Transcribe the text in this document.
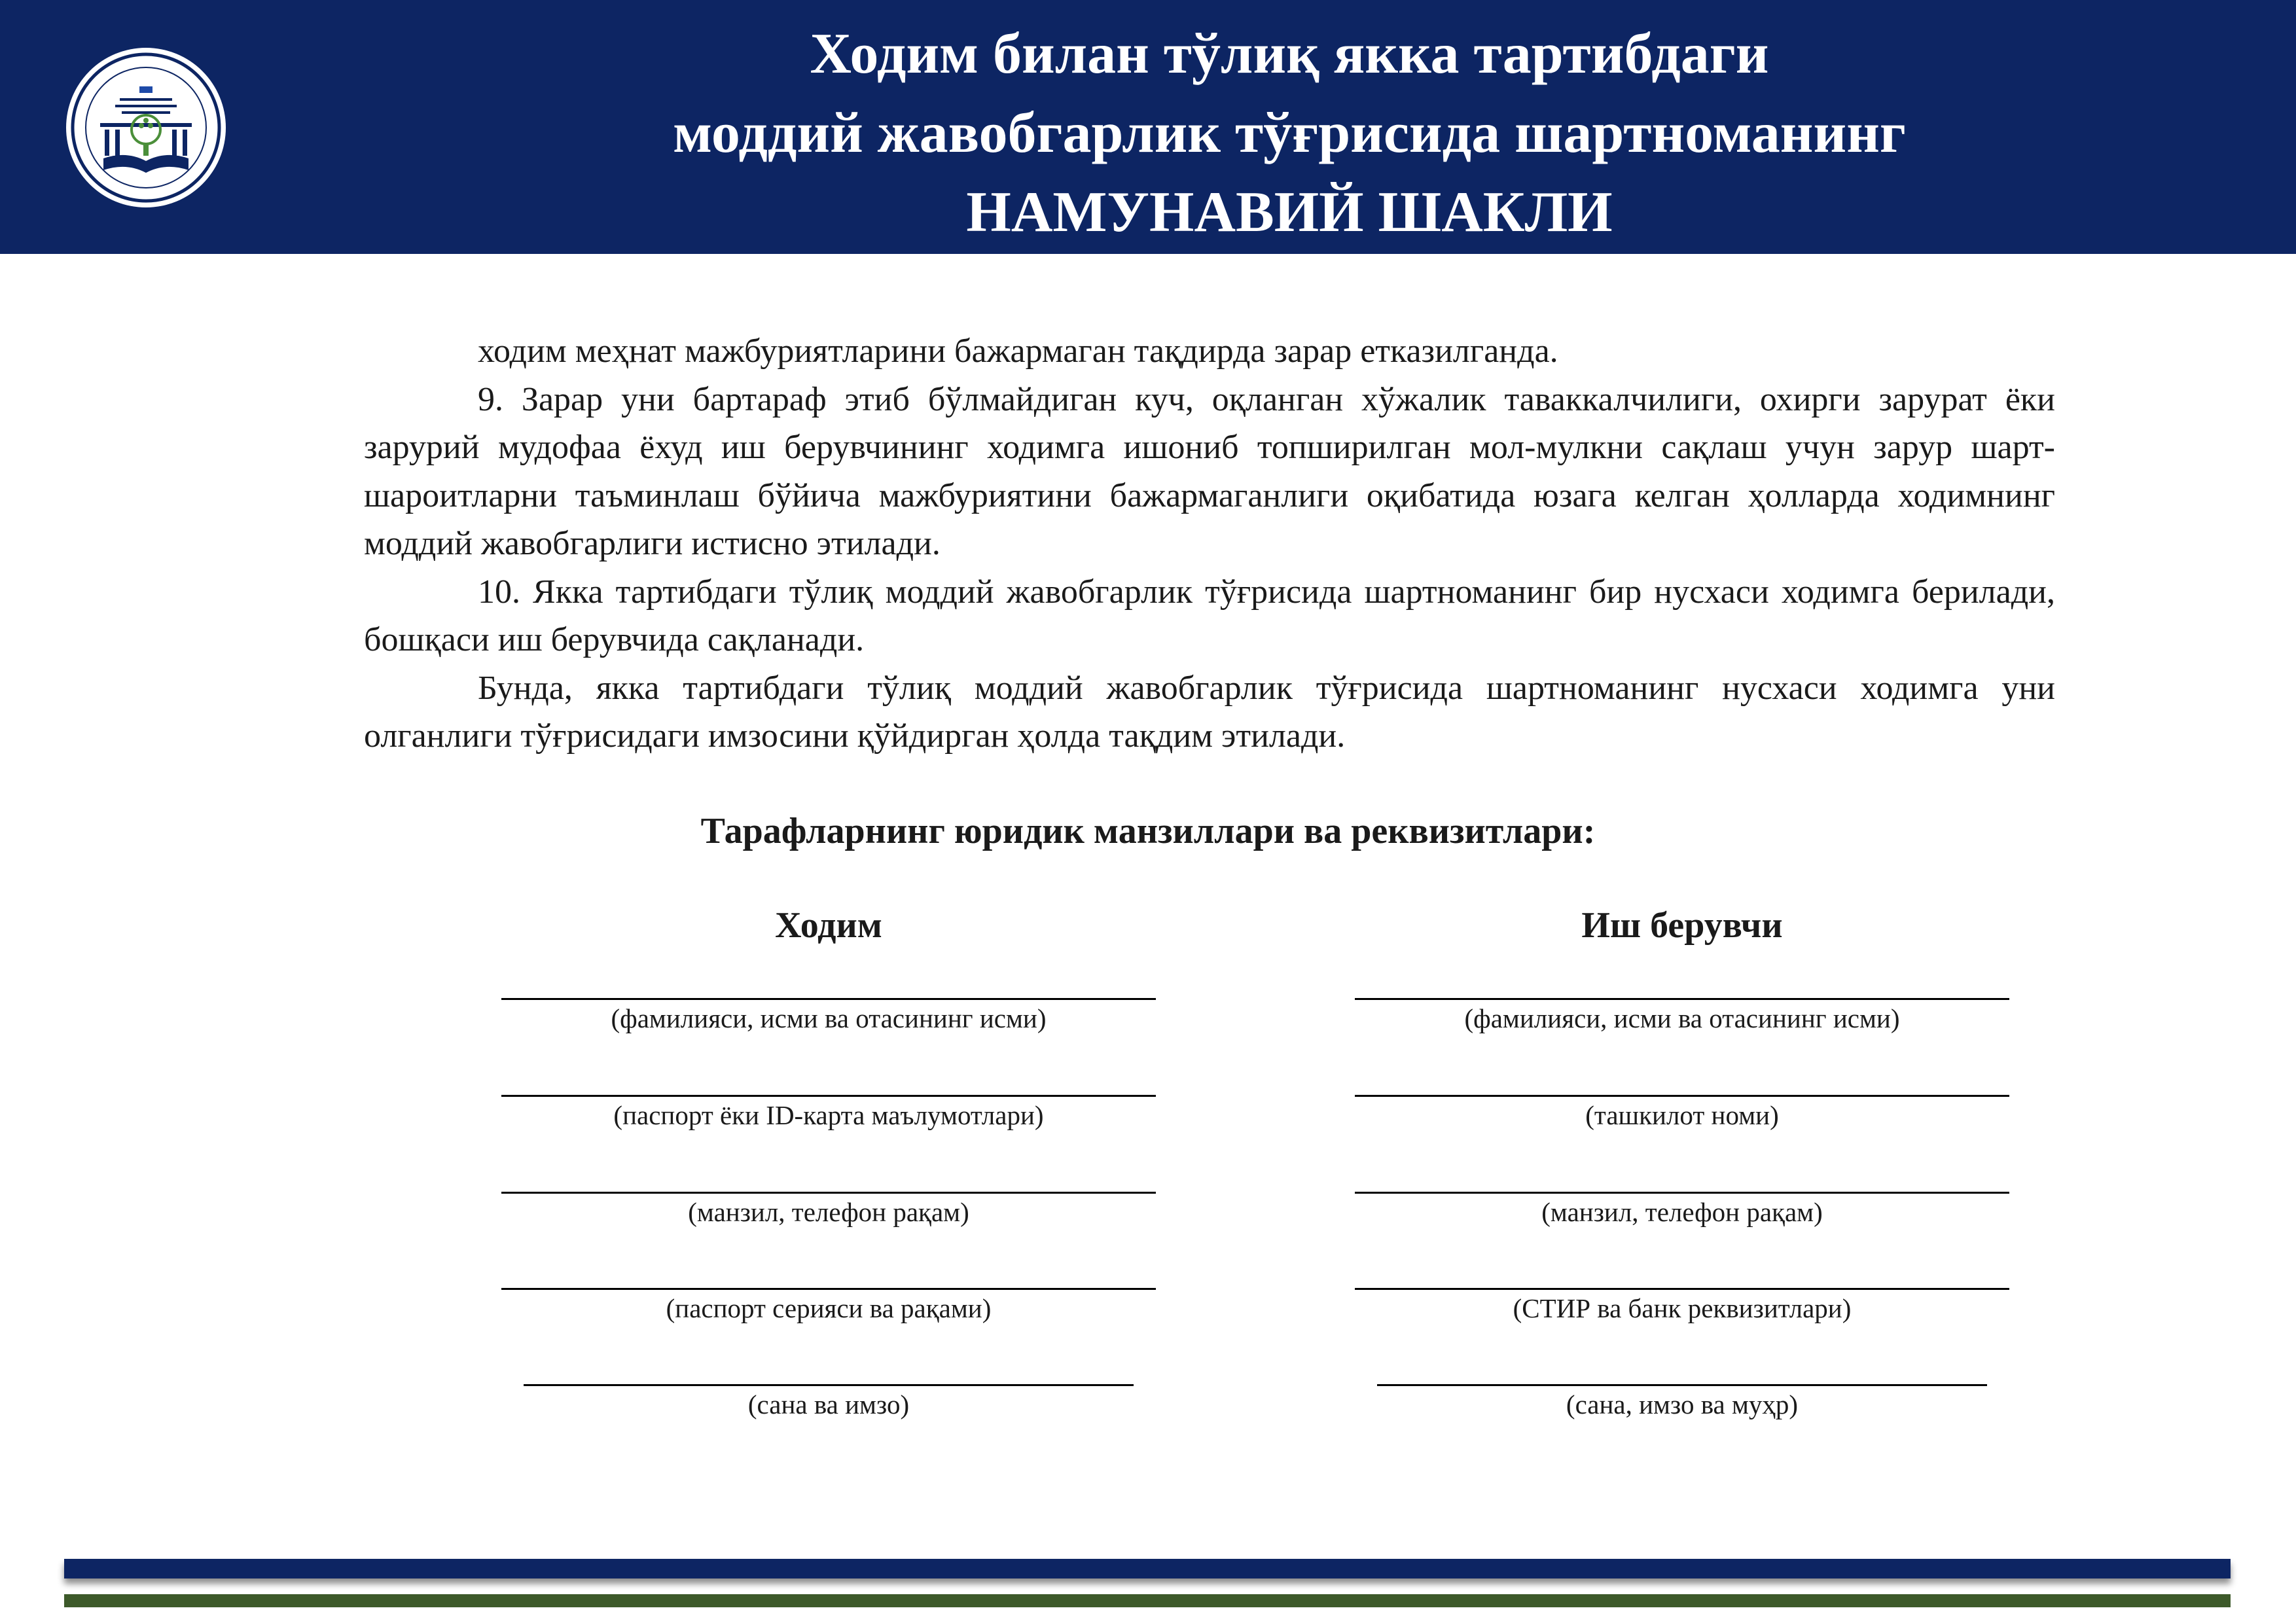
Ходим билан тўлиқ якка тартибдаги
моддий жавобгарлик тўғрисида шартноманинг
НАМУНАВИЙ ШАКЛИ

ходим меҳнат мажбуриятларини бажармаган тақдирда зарар етказилганда.

9. Зарар уни бартараф этиб бўлмайдиган куч, оқланган хўжалик таваккалчилиги, охирги зарурат ёки зарурий мудофаа ёхуд иш берувчининг ходимга ишониб топширилган мол-мулкни сақлаш учун зарур шарт-шароитларни таъминлаш бўйича мажбуриятини бажармаганлиги оқибатида юзага келган ҳолларда ходимнинг моддий жавобгарлиги истисно этилади.

10. Якка тартибдаги тўлиқ моддий жавобгарлик тўғрисида шартноманинг бир нусхаси ходимга берилади, бошқаси иш берувчида сақланади.

Бунда, якка тартибдаги тўлиқ моддий жавобгарлик тўғрисида шартноманинг нусхаси ходимга уни олганлиги тўғрисидаги имзосини қўйдирган ҳолда тақдим этилади.

Тарафларнинг юридик манзиллари ва реквизитлари:
Ходим	Иш берувчи
(фамилияси, исми ва отасининг исми)
(паспорт ёки ID-карта маълумотлари)
(манзил, телефон рақам)
(паспорт серияси ва рақами)
(сана ва имзо)
(фамилияси, исми ва отасининг исми)
(ташкилот номи)
(манзил, телефон рақам)
(СТИР ва банк реквизитлари)
(сана, имзо ва муҳр)
